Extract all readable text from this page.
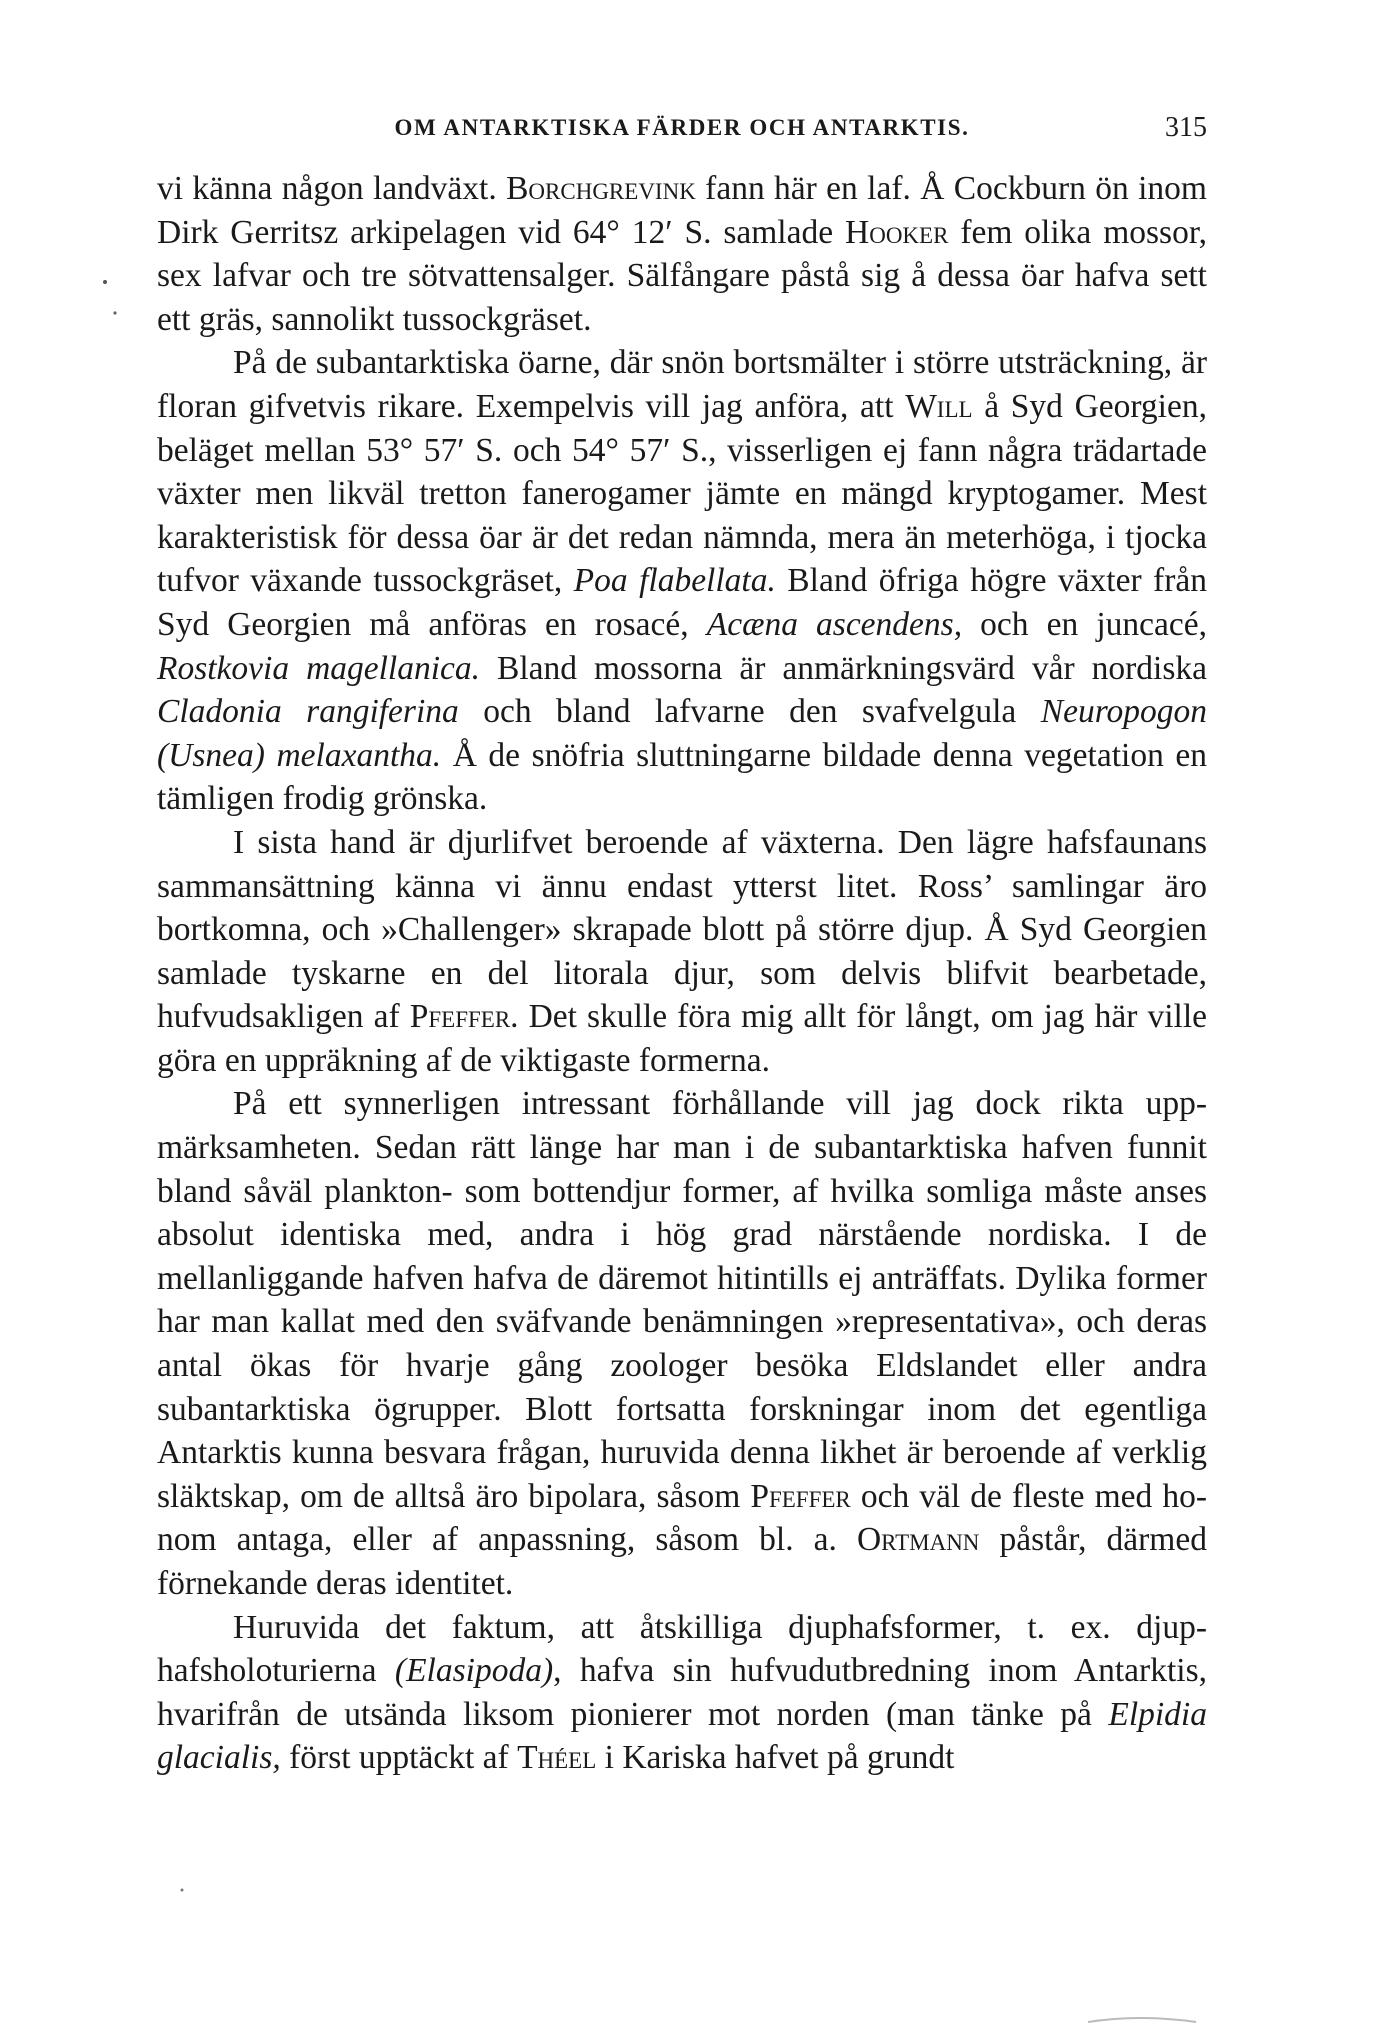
OM ANTARKTISKA FÄRDER OCH ANTARKTIS.	315

vi känna någon landväxt. Borchgrevink fann här en laf. Å Cockburn ön inom Dirk Gerritsz arkipelagen vid 64° 12′ S. samlade Hooker fem olika mossor, sex lafvar och tre sötvattensalger. Sälfångare påstå sig å dessa öar hafva sett ett gräs, sannolikt tussockgräset.

På de subantarktiska öarne, där snön bortsmälter i större utsträckning, är floran gifvetvis rikare. Exempelvis vill jag anföra, att Will å Syd Georgien, beläget mellan 53° 57′ S. och 54° 57′ S., visserligen ej fann några trädartade växter men likväl tretton fanerogamer jämte en mängd kryptogamer. Mest karakteristisk för dessa öar är det redan nämnda, mera än meterhöga, i tjocka tufvor växande tussockgräset, Poa flabellata. Bland öfriga högre växter från Syd Georgien må anföras en rosacé, Acæna ascendens, och en juncacé, Rostkovia magellanica. Bland mossorna är anmärkningsvärd vår nordiska Cladonia rangiferina och bland lafvarne den svafvelgula Neuropogon (Usnea) melaxantha. Å de snöfria sluttningarne bildade denna vegetation en tämligen frodig grönska.

I sista hand är djurlifvet beroende af växterna. Den lägre hafsfaunans sammansättning känna vi ännu endast ytterst litet. Ross’ samlingar äro bortkomna, och »Challenger» skrapade blott på större djup. Å Syd Georgien samlade tyskarne en del litorala djur, som delvis blifvit bearbetade, hufvudsakligen af Pfeffer. Det skulle föra mig allt för långt, om jag här ville göra en uppräkning af de viktigaste formerna.

På ett synnerligen intressant förhållande vill jag dock rikta uppmärksamheten. Sedan rätt länge har man i de subantarktiska hafven funnit bland såväl plankton- som bottendjur former, af hvilka somliga måste anses absolut identiska med, andra i hög grad närstående nordiska. I de mellanliggande hafven hafva de däremot hitintills ej anträffats. Dylika former har man kallat med den sväfvande benämningen »representativa», och deras antal ökas för hvarje gång zoologer besöka Eldslandet eller andra subantarktiska ögrupper. Blott fortsatta forskningar inom det egentliga Antarktis kunna besvara frågan, huruvida denna likhet är beroende af verklig släktskap, om de alltså äro bipolara, såsom Pfeffer och väl de fleste med honom antaga, eller af anpassning, såsom bl. a. Ortmann påstår, därmed förnekande deras identitet.

Huruvida det faktum, att åtskilliga djuphafsformer, t. ex. djuphafsholoturierna (Elasipoda), hafva sin hufvudutbredning inom Antarktis, hvarifrån de utsända liksom pionierer mot norden (man tänke på Elpidia glacialis, först upptäckt af Théel i Kariska hafvet på grundt
